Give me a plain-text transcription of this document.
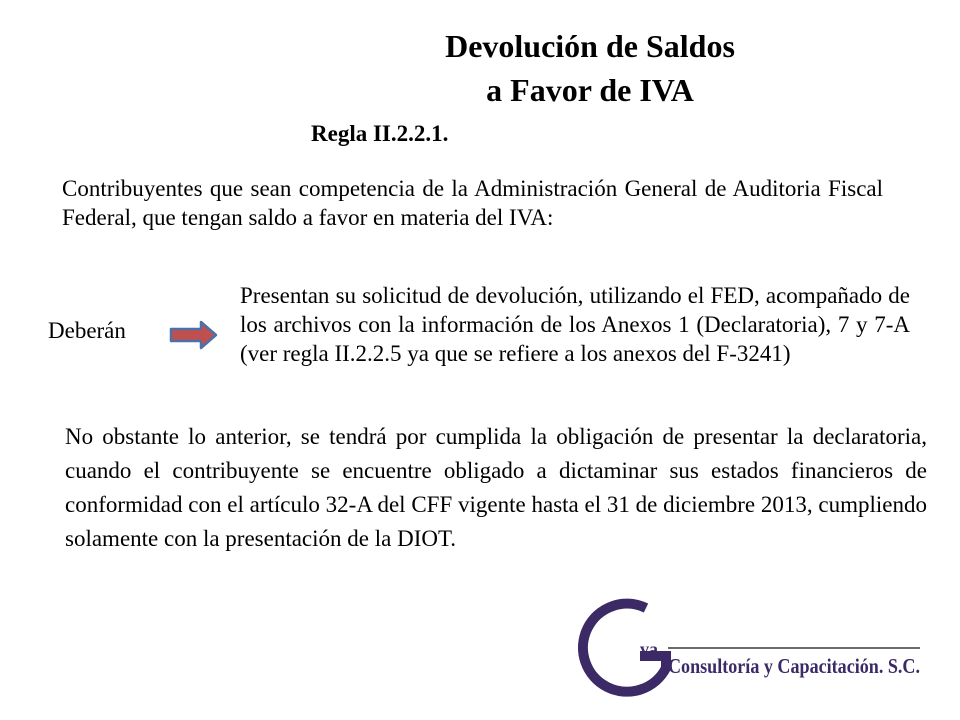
Devolución de Saldos
a Favor de IVA
Regla II.2.2.1.
Contribuyentes que sean competencia de la Administración General de Auditoria Fiscal Federal, que tengan saldo a favor en materia del IVA:
Deberán
Presentan su solicitud de devolución, utilizando el FED, acompañado de los archivos con la información de los Anexos 1 (Declaratoria), 7 y 7-A (ver regla II.2.2.5 ya que se refiere a los anexos del F-3241)
No obstante lo anterior, se tendrá por cumplida la obligación de presentar la declaratoria, cuando el contribuyente se encuentre obligado a dictaminar sus estados financieros de conformidad con el artículo 32-A del CFF vigente hasta el 31 de diciembre 2013, cumpliendo solamente con la presentación de la DIOT.
va
Consultoría y Capacitación. S.C.
